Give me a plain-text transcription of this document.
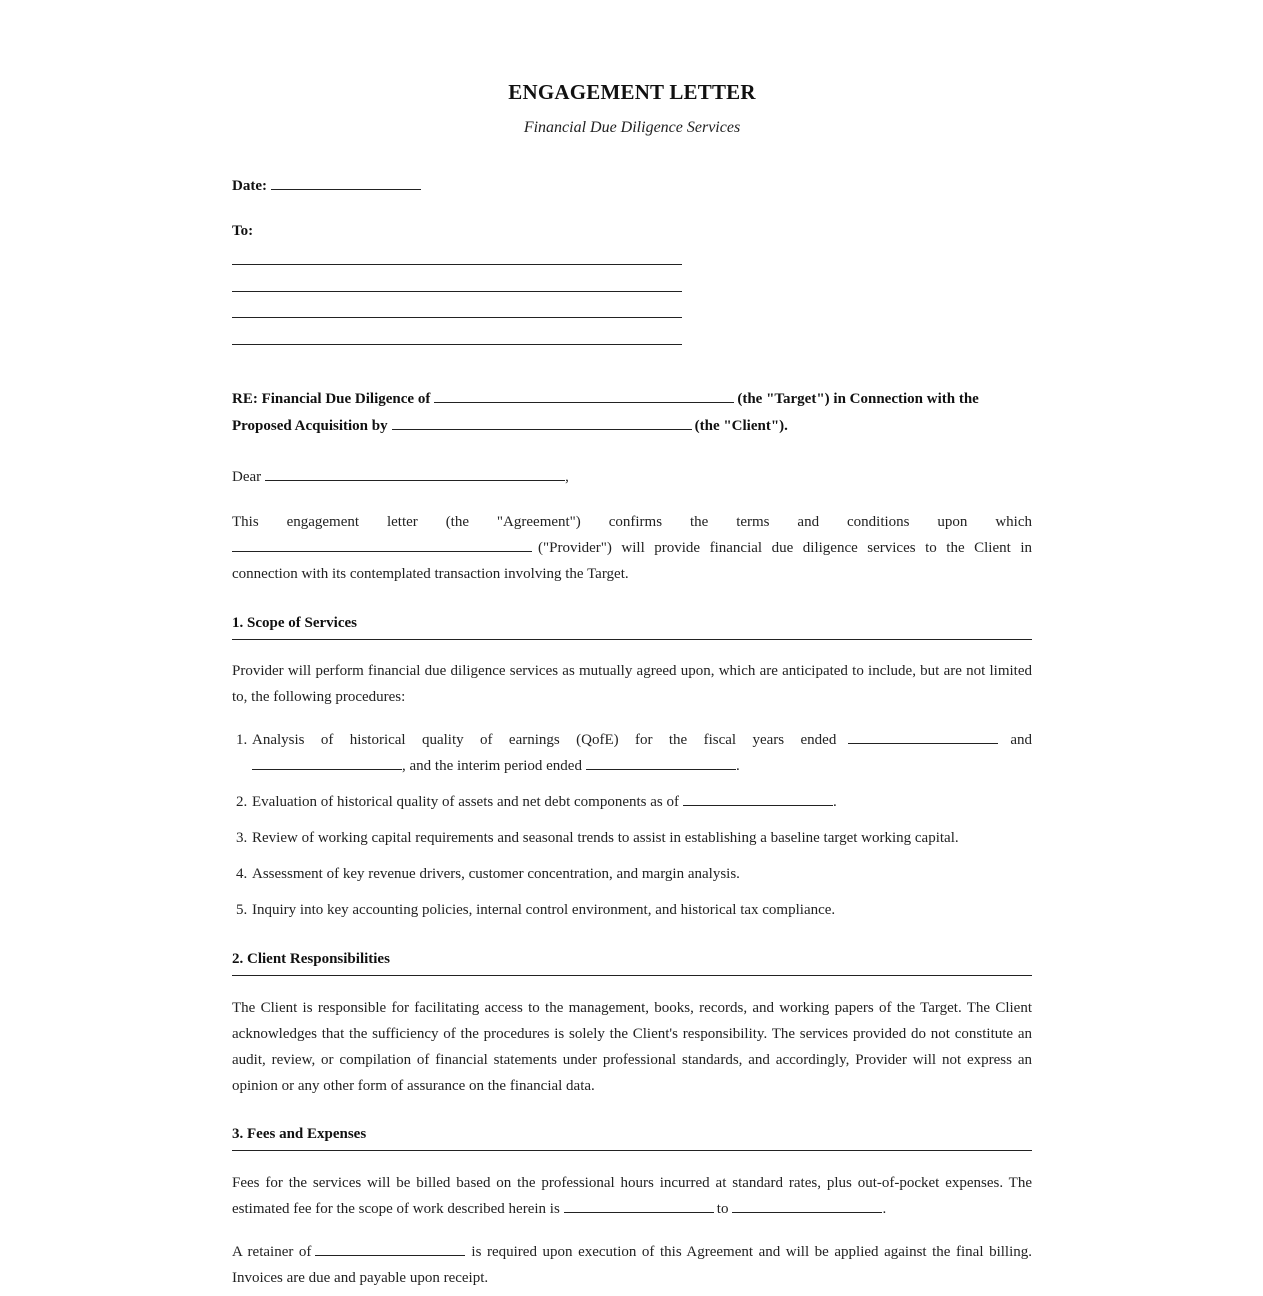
ENGAGEMENT LETTER
Financial Due Diligence Services
Date:
To:
RE: Financial Due Diligence of	(the "Target") in Connection with the
Proposed Acquisition by	(the "Client").
Dear	,
This engagement letter (the "Agreement") confirms the terms and conditions upon which
("Provider") will provide financial due diligence services to the Client in
connection with its contemplated transaction involving the Target.
1. Scope of Services
Provider will perform financial due diligence services as mutually agreed upon, which are anticipated to include, but are not limited to, the following procedures:
1. Analysis of historical quality of earnings (QofE) for the fiscal years ended	and
, and the interim period ended	.
2. Evaluation of historical quality of assets and net debt components as of	.
3. Review of working capital requirements and seasonal trends to assist in establishing a baseline target working capital.
4. Assessment of key revenue drivers, customer concentration, and margin analysis.
5. Inquiry into key accounting policies, internal control environment, and historical tax compliance.
2. Client Responsibilities
The Client is responsible for facilitating access to the management, books, records, and working papers of the Target. The Client acknowledges that the sufficiency of the procedures is solely the Client's responsibility. The services provided do not constitute an audit, review, or compilation of financial statements under professional standards, and accordingly, Provider will not express an opinion or any other form of assurance on the financial data.
3. Fees and Expenses
Fees for the services will be billed based on the professional hours incurred at standard rates, plus out-of-pocket expenses. The estimated fee for the scope of work described herein is	to	.
A retainer of	is required upon execution of this Agreement and will be applied against the final billing. Invoices are due and payable upon receipt.
